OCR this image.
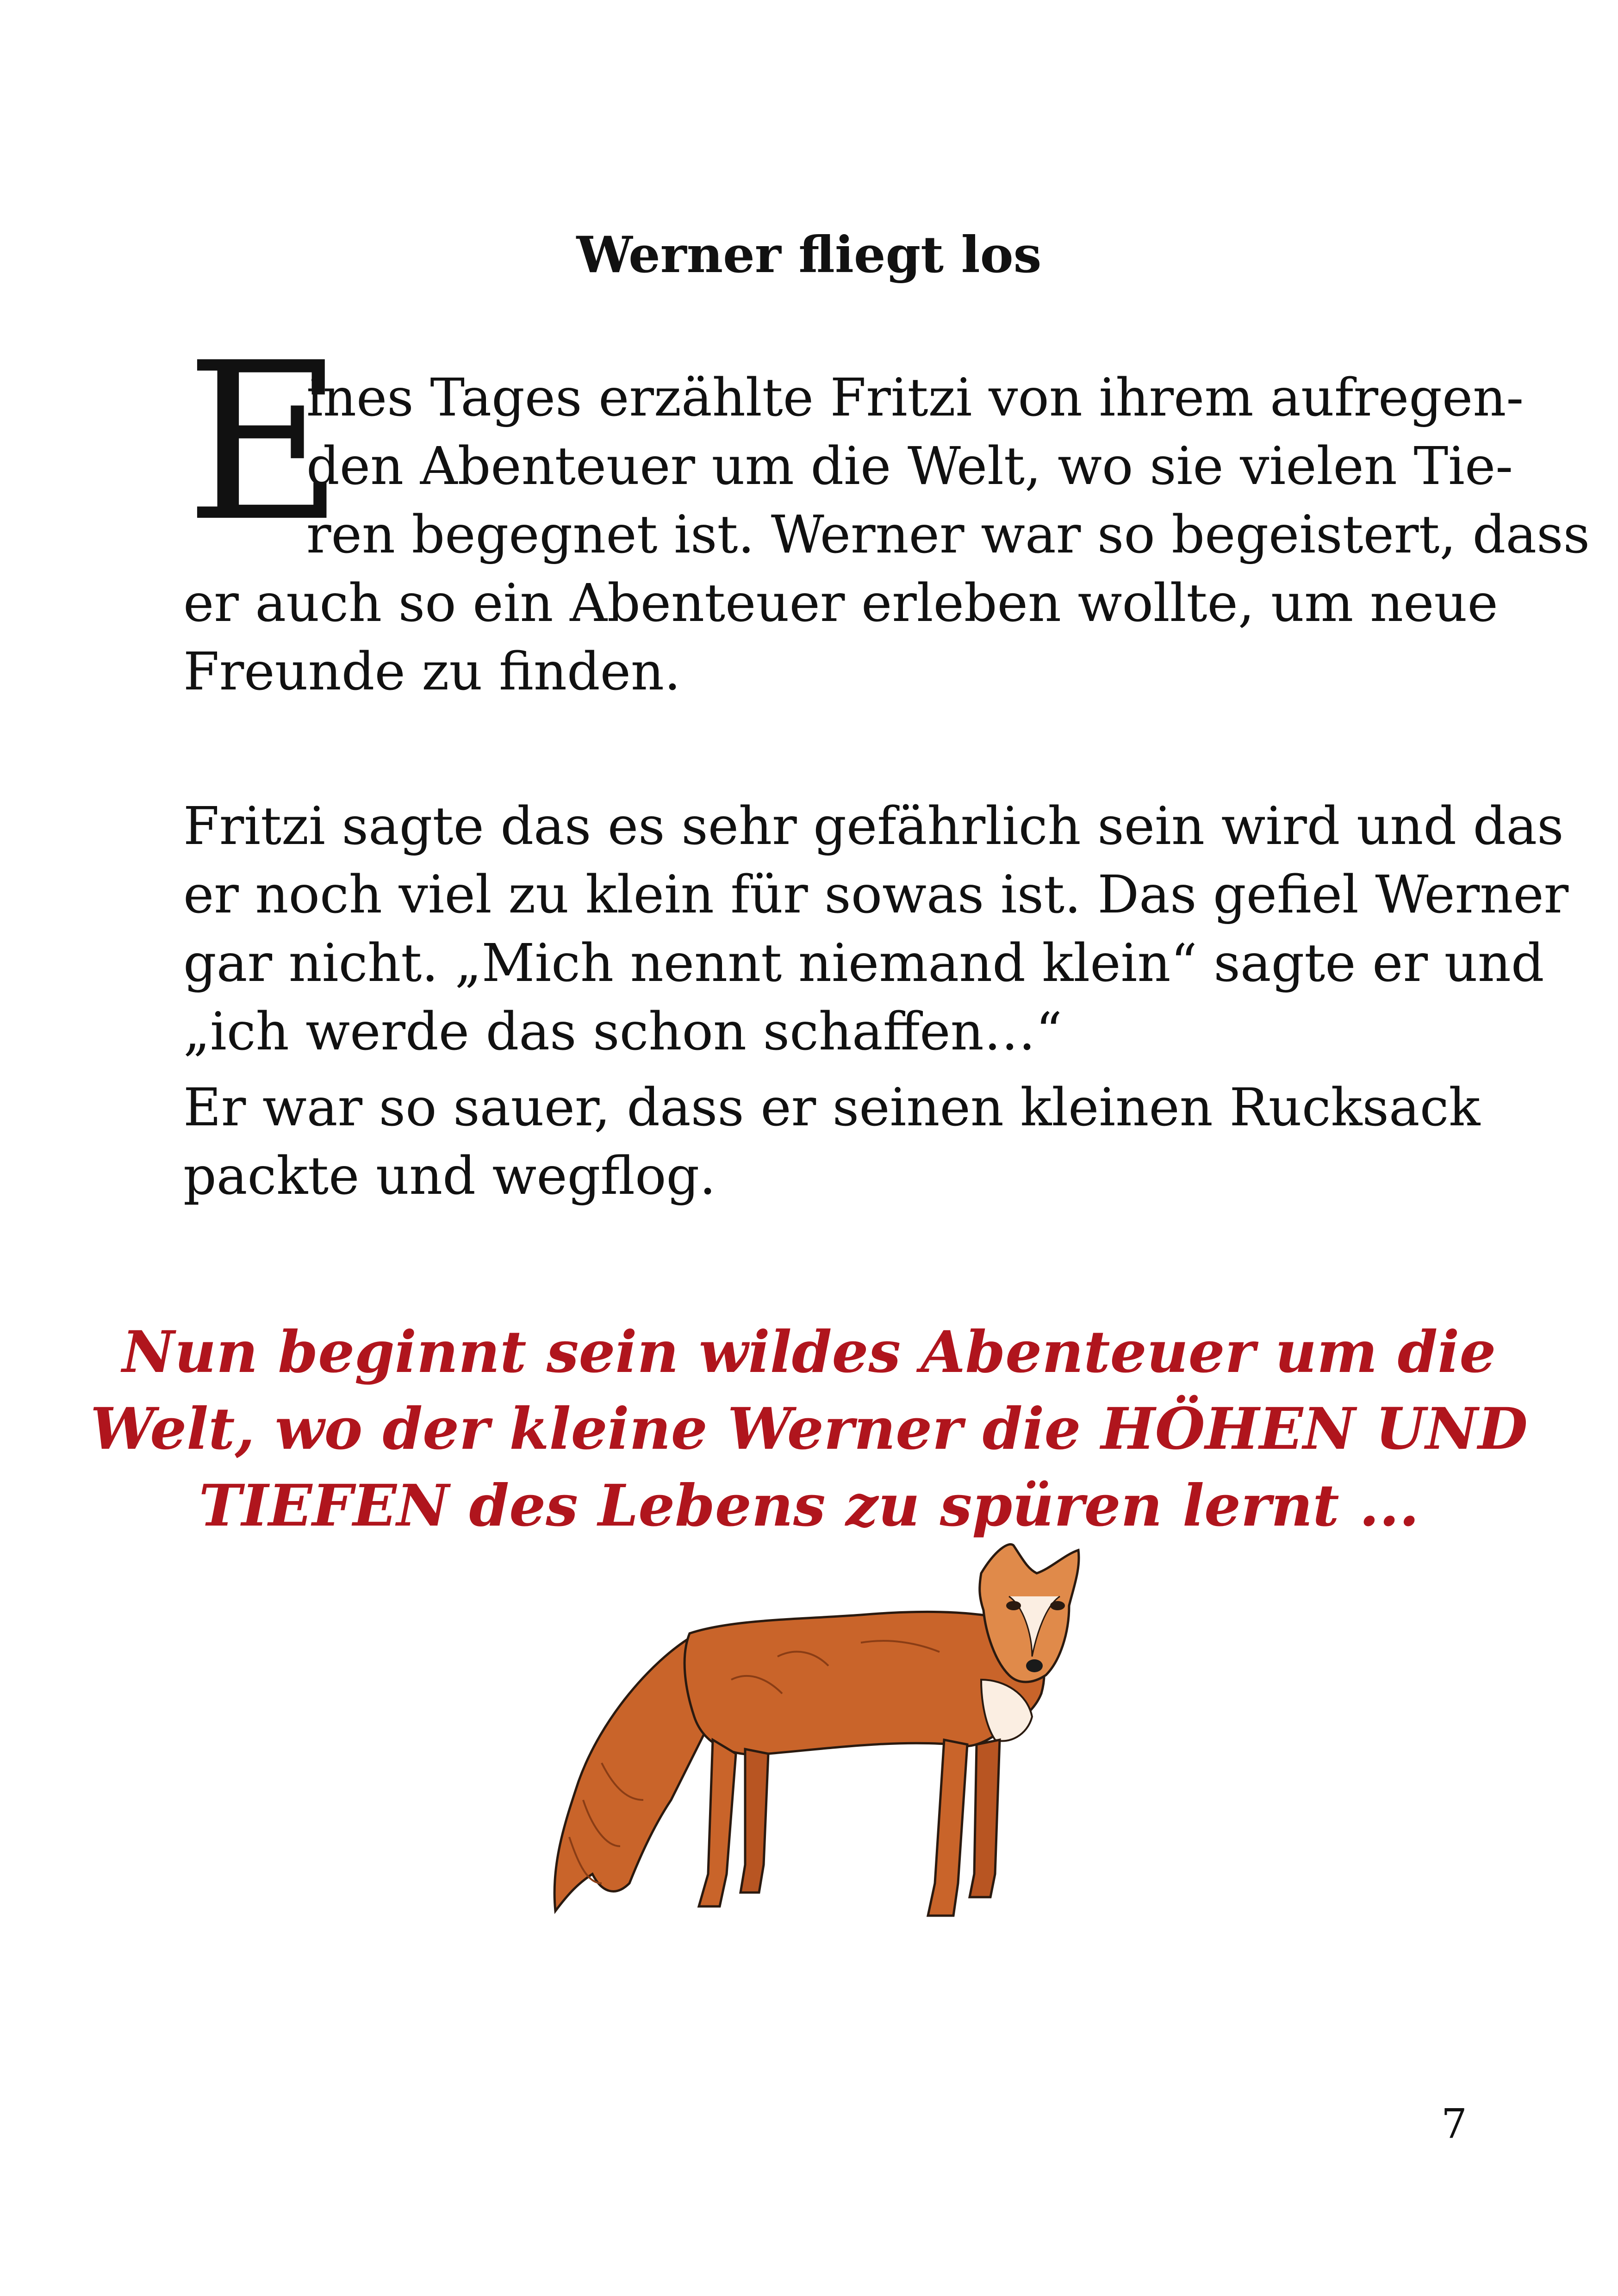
Werner fliegt los
E

ines Tages erzählte Fritzi von ihrem aufregen-
den Abenteuer um die Welt, wo sie vielen Tie-
ren begegnet ist. Werner war so begeistert, dass
er auch so ein Abenteuer erleben wollte, um neue
Freunde zu finden.

Fritzi sagte das es sehr gefährlich sein wird und das
er noch viel zu klein für sowas ist. Das gefiel Werner
gar nicht. „Mich nennt niemand klein“ sagte er und
„ich werde das schon schaffen…“

Er war so sauer, dass er seinen kleinen Rucksack
packte und wegflog.

Nun beginnt sein wildes Abenteuer um die
Welt, wo der kleine Werner die HÖHEN UND
TIEFEN des Lebens zu spüren lernt ...

7
